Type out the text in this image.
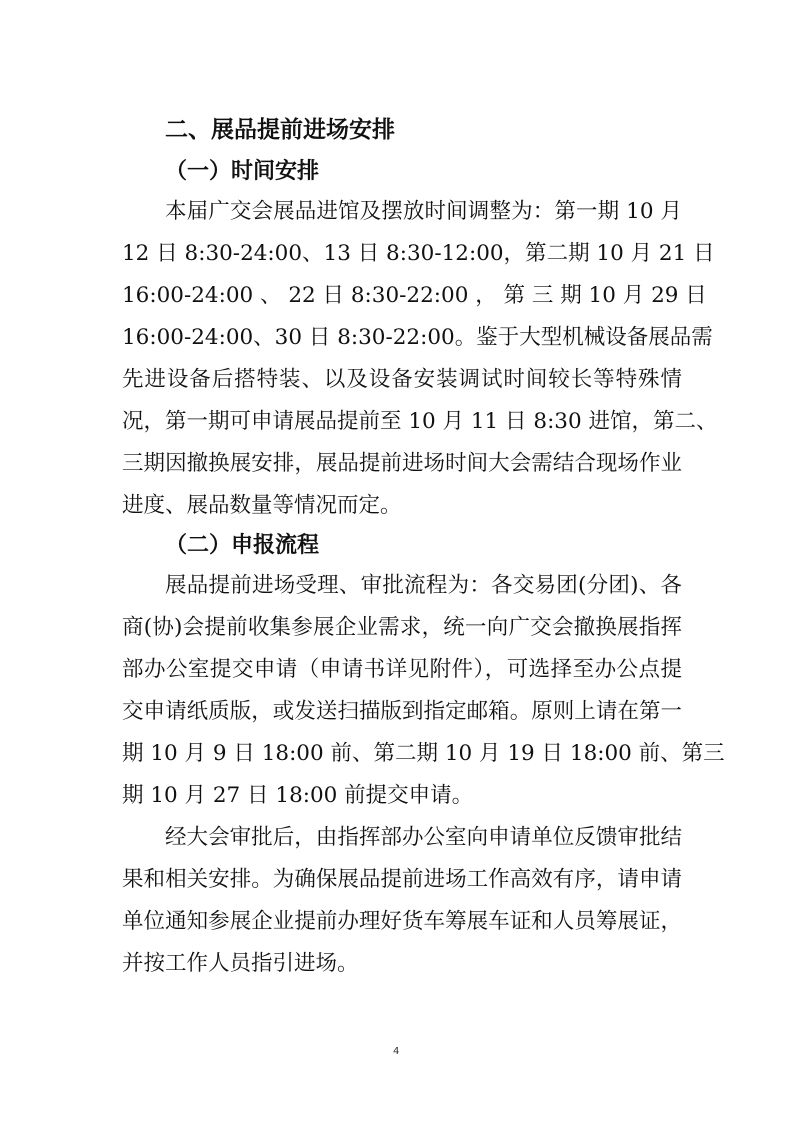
二、展品提前进场安排
（一）时间安排
本届广交会展品进馆及摆放时间调整为：第一期 10 月
12 日 8:30-24:00、13 日 8:30-12:00，第二期 10 月 21 日
16:00-24:00 、 22 日 8:30-22:00 ， 第 三 期 10 月 29 日
16:00-24:00、30 日 8:30-22:00。鉴于大型机械设备展品需
先进设备后搭特装、以及设备安装调试时间较长等特殊情
况，第一期可申请展品提前至 10 月 11 日 8:30 进馆，第二、
三期因撤换展安排，展品提前进场时间大会需结合现场作业
进度、展品数量等情况而定。
（二）申报流程
展品提前进场受理、审批流程为：各交易团(分团)、各
商(协)会提前收集参展企业需求，统一向广交会撤换展指挥
部办公室提交申请（申请书详见附件），可选择至办公点提
交申请纸质版，或发送扫描版到指定邮箱。原则上请在第一
期 10 月 9 日 18:00 前、第二期 10 月 19 日 18:00 前、第三
期 10 月 27 日 18:00 前提交申请。
经大会审批后，由指挥部办公室向申请单位反馈审批结
果和相关安排。为确保展品提前进场工作高效有序，请申请
单位通知参展企业提前办理好货车筹展车证和人员筹展证，
并按工作人员指引进场。
4
